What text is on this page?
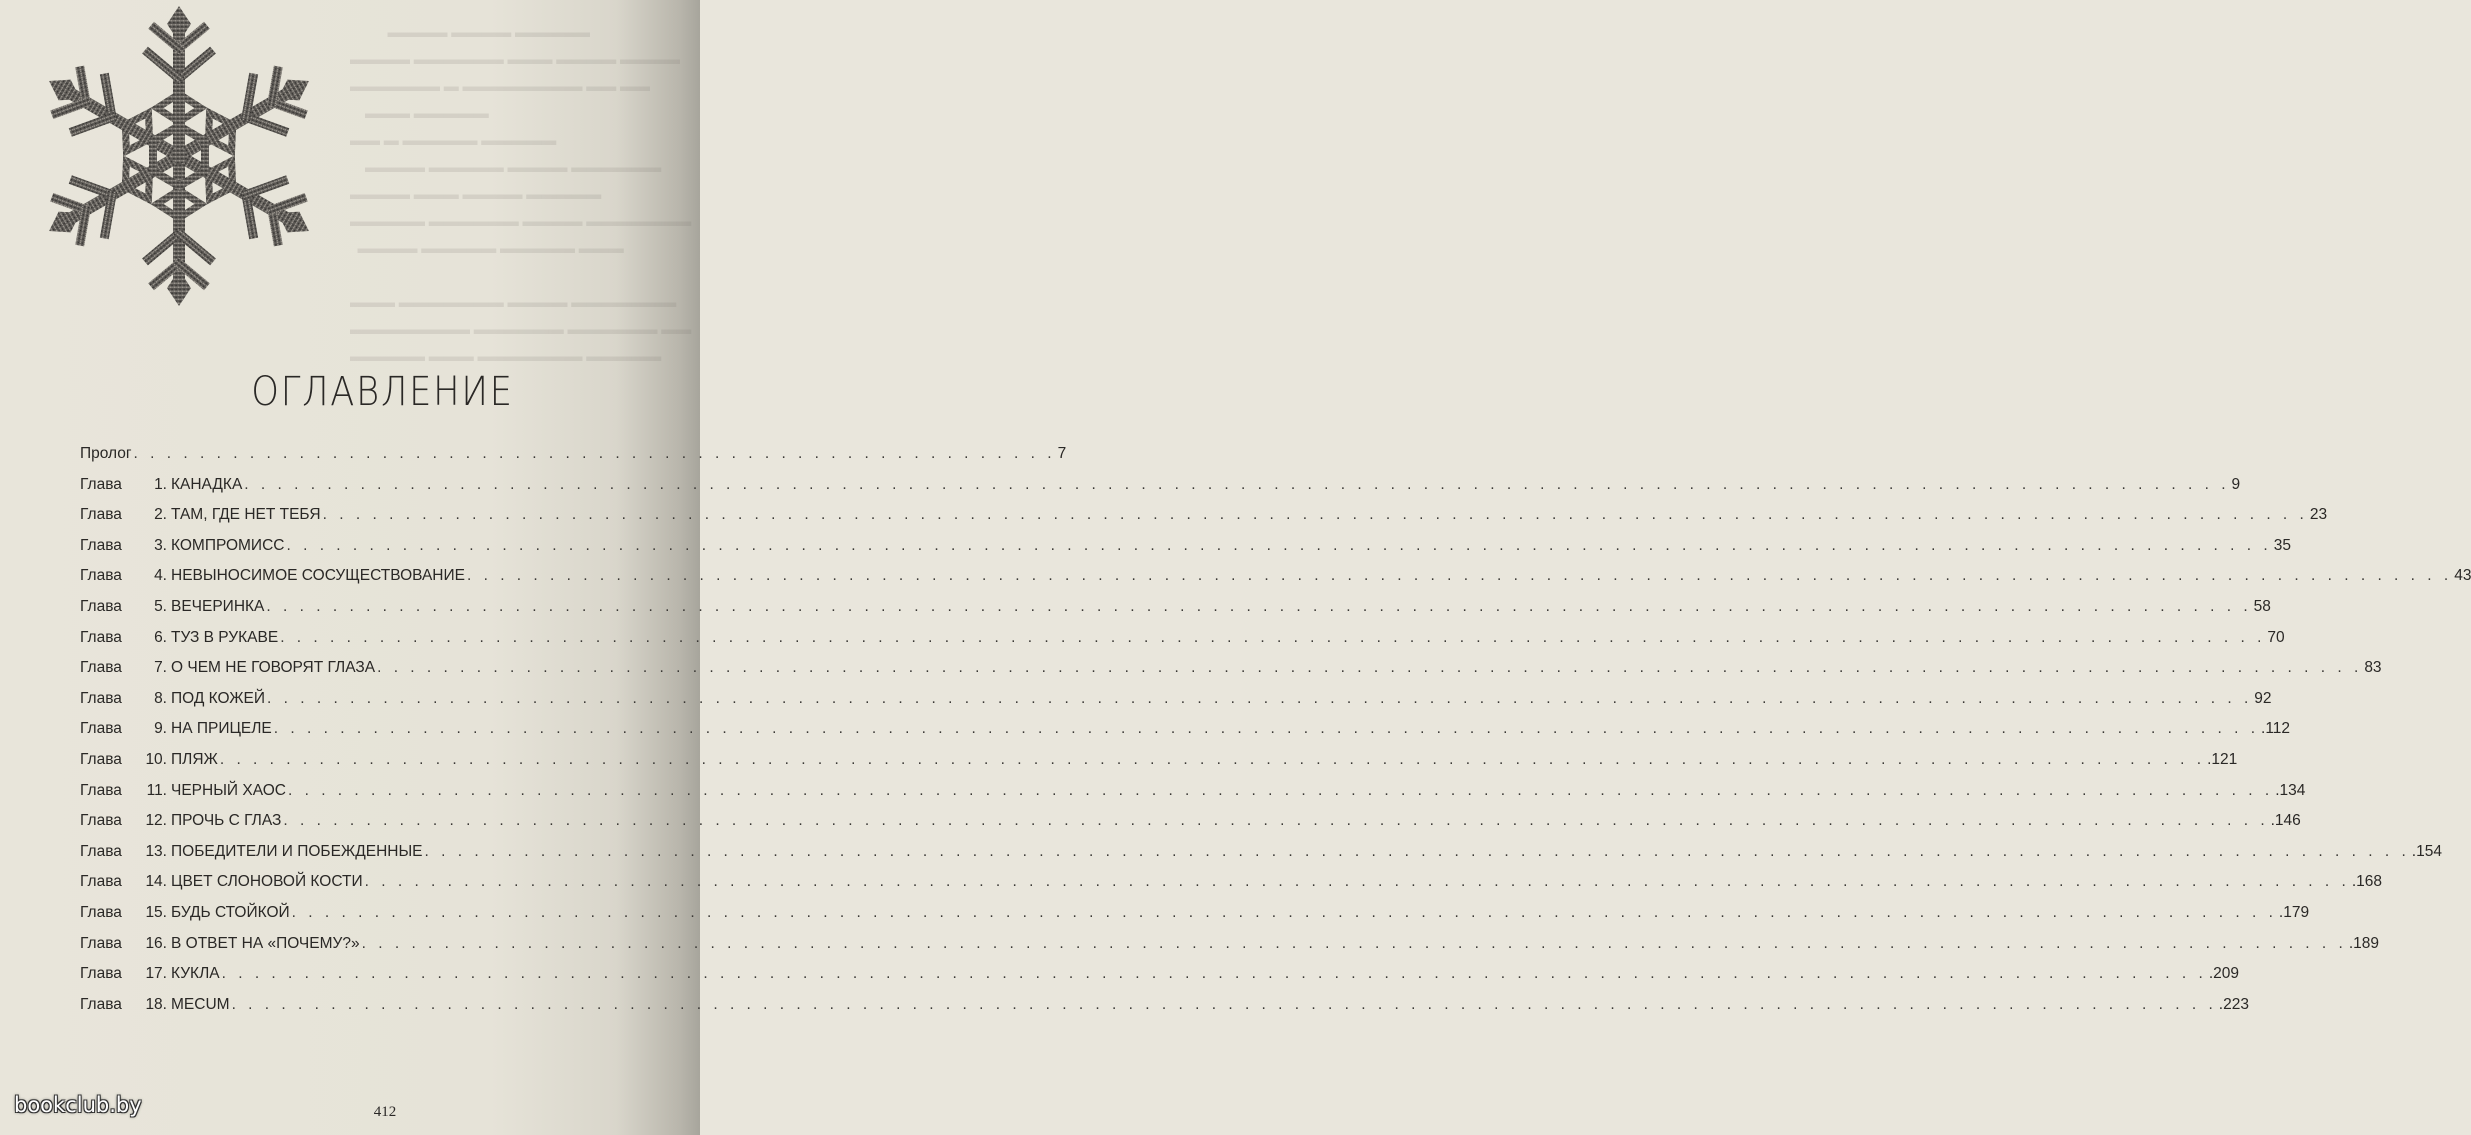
▬▬▬▬ ▬▬▬▬ ▬▬▬▬▬
▬▬▬▬ ▬▬▬▬▬▬ ▬▬▬ ▬▬▬▬ ▬▬▬▬
▬▬▬▬▬▬ ▬ ▬▬▬▬▬▬▬▬ ▬▬ ▬▬
▬▬▬ ▬▬▬▬▬
▬▬ ▬ ▬▬▬▬▬ ▬▬▬▬▬
▬▬▬▬ ▬▬▬▬▬ ▬▬▬▬ ▬▬▬▬▬▬
▬▬▬▬ ▬▬▬ ▬▬▬▬ ▬▬▬▬▬
▬▬▬▬▬ ▬▬▬▬▬▬ ▬▬▬▬ ▬▬▬▬▬▬▬
▬▬▬▬ ▬▬▬▬▬ ▬▬▬▬▬ ▬▬▬

▬▬▬ ▬▬▬▬▬▬▬ ▬▬▬▬ ▬▬▬▬▬▬▬
▬▬▬▬▬▬▬▬ ▬▬▬▬▬▬ ▬▬▬▬▬▬ ▬▬
▬▬▬▬▬ ▬▬▬ ▬▬▬▬▬▬▬ ▬▬▬▬▬
ОГЛАВЛЕНИЕ
Пролог . . . . . . . . . . . . . . . . . . . . . . . . . . . . . . . . . . . . . . . . . . . . . . . . . . . . . . . . 7
Глава	1. КАНАДКА . . . . . . . . . . . . . . . . . . . . . . . . . . . . . . . . . . . . . . . . . . . . . . . . . . . . . . . . . . . . . . . . . . . . . . . . . . . . . . . . . . . . . . . . . . . . . . . . . . . . . . . . . . . . . . . . . . . . . . . . 9
Глава	2. ТАМ, ГДЕ НЕТ ТЕБЯ . . . . . . . . . . . . . . . . . . . . . . . . . . . . . . . . . . . . . . . . . . . . . . . . . . . . . . . . . . . . . . . . . . . . . . . . . . . . . . . . . . . . . . . . . . . . . . . . . . . . . . . . . . . . . . . . . . . . . . . . 23
Глава	3. КОМПРОМИСС . . . . . . . . . . . . . . . . . . . . . . . . . . . . . . . . . . . . . . . . . . . . . . . . . . . . . . . . . . . . . . . . . . . . . . . . . . . . . . . . . . . . . . . . . . . . . . . . . . . . . . . . . . . . . . . . . . . . . . . . 35
Глава	4. НЕВЫНОСИМОЕ СОСУЩЕСТВОВАНИЕ . . . . . . . . . . . . . . . . . . . . . . . . . . . . . . . . . . . . . . . . . . . . . . . . . . . . . . . . . . . . . . . . . . . . . . . . . . . . . . . . . . . . . . . . . . . . . . . . . . . . . . . . . . . . . . . . . . . . . . . . 43
Глава	5. ВЕЧЕРИНКА . . . . . . . . . . . . . . . . . . . . . . . . . . . . . . . . . . . . . . . . . . . . . . . . . . . . . . . . . . . . . . . . . . . . . . . . . . . . . . . . . . . . . . . . . . . . . . . . . . . . . . . . . . . . . . . . . . . . . . . . 58
Глава	6. ТУЗ В РУКАВЕ . . . . . . . . . . . . . . . . . . . . . . . . . . . . . . . . . . . . . . . . . . . . . . . . . . . . . . . . . . . . . . . . . . . . . . . . . . . . . . . . . . . . . . . . . . . . . . . . . . . . . . . . . . . . . . . . . . . . . . . . 70
Глава	7. О ЧЕМ НЕ ГОВОРЯТ ГЛАЗА . . . . . . . . . . . . . . . . . . . . . . . . . . . . . . . . . . . . . . . . . . . . . . . . . . . . . . . . . . . . . . . . . . . . . . . . . . . . . . . . . . . . . . . . . . . . . . . . . . . . . . . . . . . . . . . . . . . . . . . . 83
Глава	8. ПОД КОЖЕЙ . . . . . . . . . . . . . . . . . . . . . . . . . . . . . . . . . . . . . . . . . . . . . . . . . . . . . . . . . . . . . . . . . . . . . . . . . . . . . . . . . . . . . . . . . . . . . . . . . . . . . . . . . . . . . . . . . . . . . . . . 92
Глава	9. НА ПРИЦЕЛЕ . . . . . . . . . . . . . . . . . . . . . . . . . . . . . . . . . . . . . . . . . . . . . . . . . . . . . . . . . . . . . . . . . . . . . . . . . . . . . . . . . . . . . . . . . . . . . . . . . . . . . . . . . . . . . . . . . . . . . . . . .112
Глава	10. ПЛЯЖ . . . . . . . . . . . . . . . . . . . . . . . . . . . . . . . . . . . . . . . . . . . . . . . . . . . . . . . . . . . . . . . . . . . . . . . . . . . . . . . . . . . . . . . . . . . . . . . . . . . . . . . . . . . . . . . . . . . . . . . . .121
Глава	11. ЧЕРНЫЙ ХАОС . . . . . . . . . . . . . . . . . . . . . . . . . . . . . . . . . . . . . . . . . . . . . . . . . . . . . . . . . . . . . . . . . . . . . . . . . . . . . . . . . . . . . . . . . . . . . . . . . . . . . . . . . . . . . . . . . . . . . . . . .134
Глава	12. ПРОЧЬ С ГЛАЗ . . . . . . . . . . . . . . . . . . . . . . . . . . . . . . . . . . . . . . . . . . . . . . . . . . . . . . . . . . . . . . . . . . . . . . . . . . . . . . . . . . . . . . . . . . . . . . . . . . . . . . . . . . . . . . . . . . . . . . . . .146
Глава	13. ПОБЕДИТЕЛИ И ПОБЕЖДЕННЫЕ . . . . . . . . . . . . . . . . . . . . . . . . . . . . . . . . . . . . . . . . . . . . . . . . . . . . . . . . . . . . . . . . . . . . . . . . . . . . . . . . . . . . . . . . . . . . . . . . . . . . . . . . . . . . . . . . . . . . . . . . .154
Глава	14. ЦВЕТ СЛОНОВОЙ КОСТИ . . . . . . . . . . . . . . . . . . . . . . . . . . . . . . . . . . . . . . . . . . . . . . . . . . . . . . . . . . . . . . . . . . . . . . . . . . . . . . . . . . . . . . . . . . . . . . . . . . . . . . . . . . . . . . . . . . . . . . . . .168
Глава	15. БУДЬ СТОЙКОЙ . . . . . . . . . . . . . . . . . . . . . . . . . . . . . . . . . . . . . . . . . . . . . . . . . . . . . . . . . . . . . . . . . . . . . . . . . . . . . . . . . . . . . . . . . . . . . . . . . . . . . . . . . . . . . . . . . . . . . . . . .179
Глава	16. В ОТВЕТ НА «ПОЧЕМУ?» . . . . . . . . . . . . . . . . . . . . . . . . . . . . . . . . . . . . . . . . . . . . . . . . . . . . . . . . . . . . . . . . . . . . . . . . . . . . . . . . . . . . . . . . . . . . . . . . . . . . . . . . . . . . . . . . . . . . . . . . .189
Глава	17. КУКЛА . . . . . . . . . . . . . . . . . . . . . . . . . . . . . . . . . . . . . . . . . . . . . . . . . . . . . . . . . . . . . . . . . . . . . . . . . . . . . . . . . . . . . . . . . . . . . . . . . . . . . . . . . . . . . . . . . . . . . . . . .209
Глава	18. MECUM . . . . . . . . . . . . . . . . . . . . . . . . . . . . . . . . . . . . . . . . . . . . . . . . . . . . . . . . . . . . . . . . . . . . . . . . . . . . . . . . . . . . . . . . . . . . . . . . . . . . . . . . . . . . . . . . . . . . . . . . .223
412
bookclub.by
